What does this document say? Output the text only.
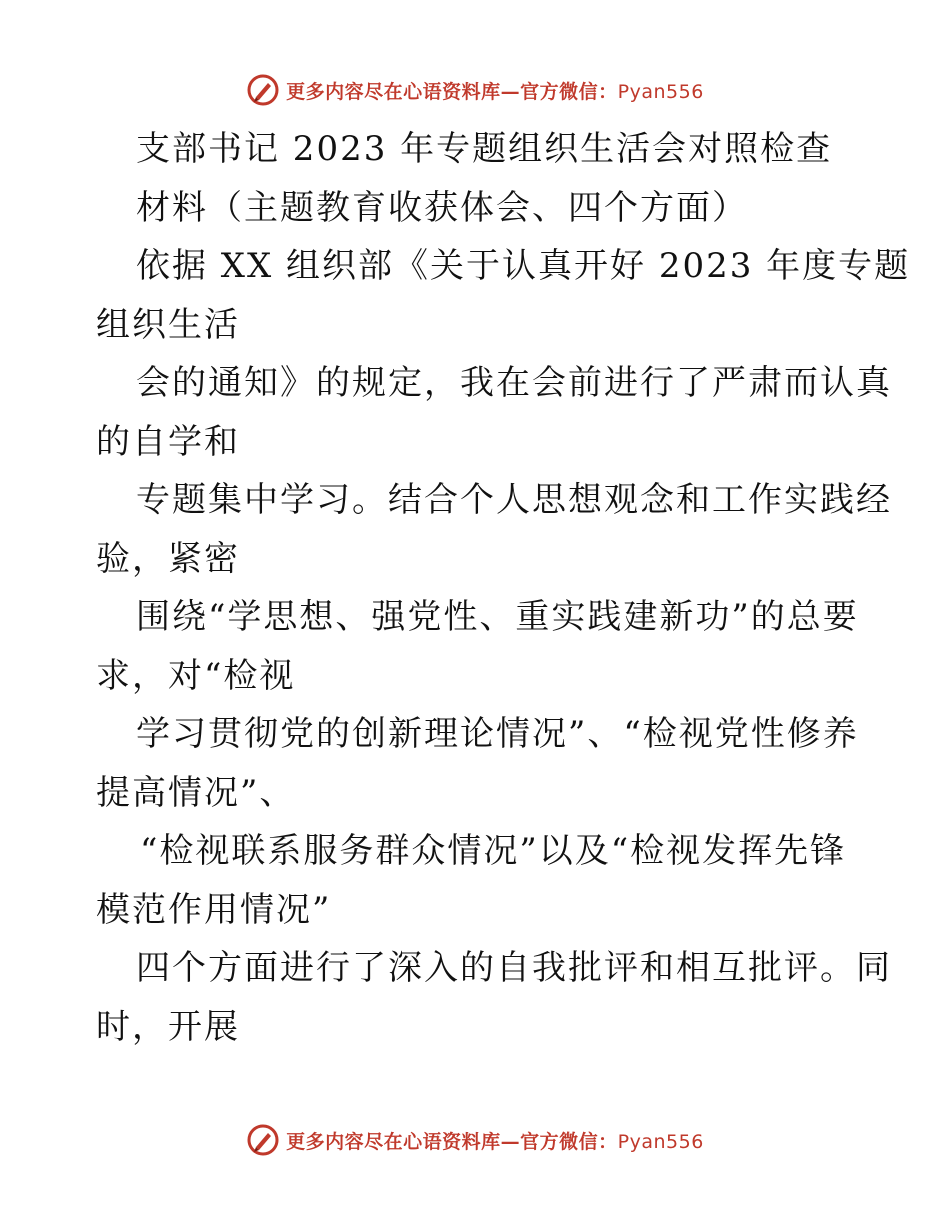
更多内容尽在心语资料库—官方微信：Pyan556
支部书记 2023 年专题组织生活会对照检查
材料（主题教育收获体会、四个方面）
依据 XX 组织部《关于认真开好 2023 年度专题
组织生活
会的通知》的规定，我在会前进行了严肃而认真
的自学和
专题集中学习。结合个人思想观念和工作实践经
验，紧密
围绕“学思想、强党性、重实践建新功”的总要
求，对“检视
学习贯彻党的创新理论情况”、“检视党性修养
提高情况”、
“检视联系服务群众情况”以及“检视发挥先锋
模范作用情况”
四个方面进行了深入的自我批评和相互批评。同
时，开展
更多内容尽在心语资料库—官方微信：Pyan556
